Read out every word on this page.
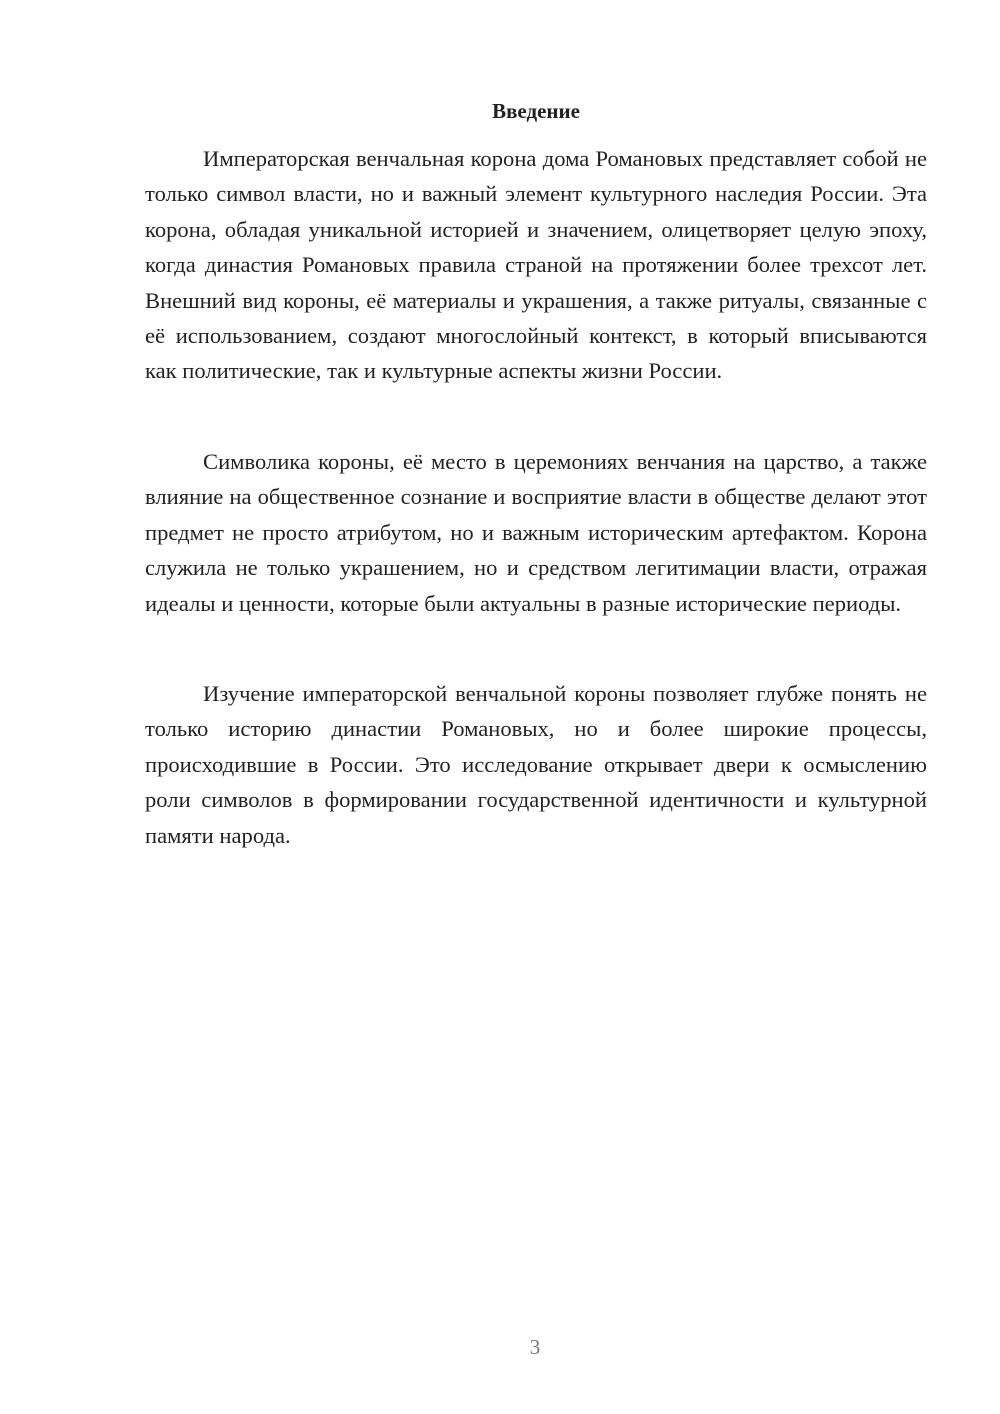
Введение

Императорская венчальная корона дома Романовых представляет собой не только символ власти, но и важный элемент культурного наследия России. Эта корона, обладая уникальной историей и значением, олицетворяет целую эпоху, когда династия Романовых правила страной на протяжении более трехсот лет. Внешний вид короны, её материалы и украшения, а также ритуалы, связанные с её использованием, создают многослойный контекст, в который вписываются как политические, так и культурные аспекты жизни России.

Символика короны, её место в церемониях венчания на царство, а также влияние на общественное сознание и восприятие власти в обществе делают этот предмет не просто атрибутом, но и важным историческим артефактом. Корона служила не только украшением, но и средством легитимации власти, отражая идеалы и ценности, которые были актуальны в разные исторические периоды.

Изучение императорской венчальной короны позволяет глубже понять не только историю династии Романовых, но и более широкие процессы, происходившие в России. Это исследование открывает двери к осмыслению роли символов в формировании государственной идентичности и культурной памяти народа.

3
